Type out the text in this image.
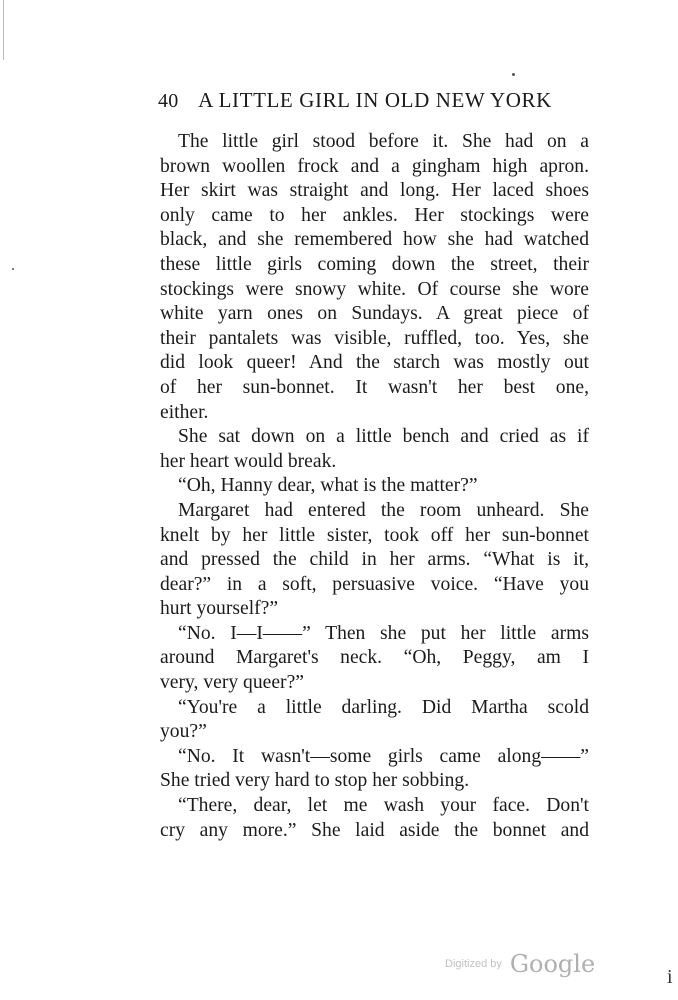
40 A LITTLE GIRL IN OLD NEW YORK
The little girl stood before it. She had on a
brown woollen frock and a gingham high apron.
Her skirt was straight and long. Her laced shoes
only came to her ankles. Her stockings were
black, and she remembered how she had watched
these little girls coming down the street, their
stockings were snowy white. Of course she wore
white yarn ones on Sundays. A great piece of
their pantalets was visible, ruffled, too. Yes, she
did look queer! And the starch was mostly out
of her sun-bonnet. It wasn't her best one,
either.
She sat down on a little bench and cried as if
her heart would break.
“Oh, Hanny dear, what is the matter?”
Margaret had entered the room unheard. She
knelt by her little sister, took off her sun-bonnet
and pressed the child in her arms. “What is it,
dear?” in a soft, persuasive voice. “Have you
hurt yourself?”
“No. I—I——” Then she put her little arms
around Margaret's neck. “Oh, Peggy, am I
very, very queer?”
“You're a little darling. Did Martha scold
you?”
“No. It wasn't—some girls came along——”
She tried very hard to stop her sobbing.
“There, dear, let me wash your face. Don't
cry any more.” She laid aside the bonnet and
Digitized by Google	i
